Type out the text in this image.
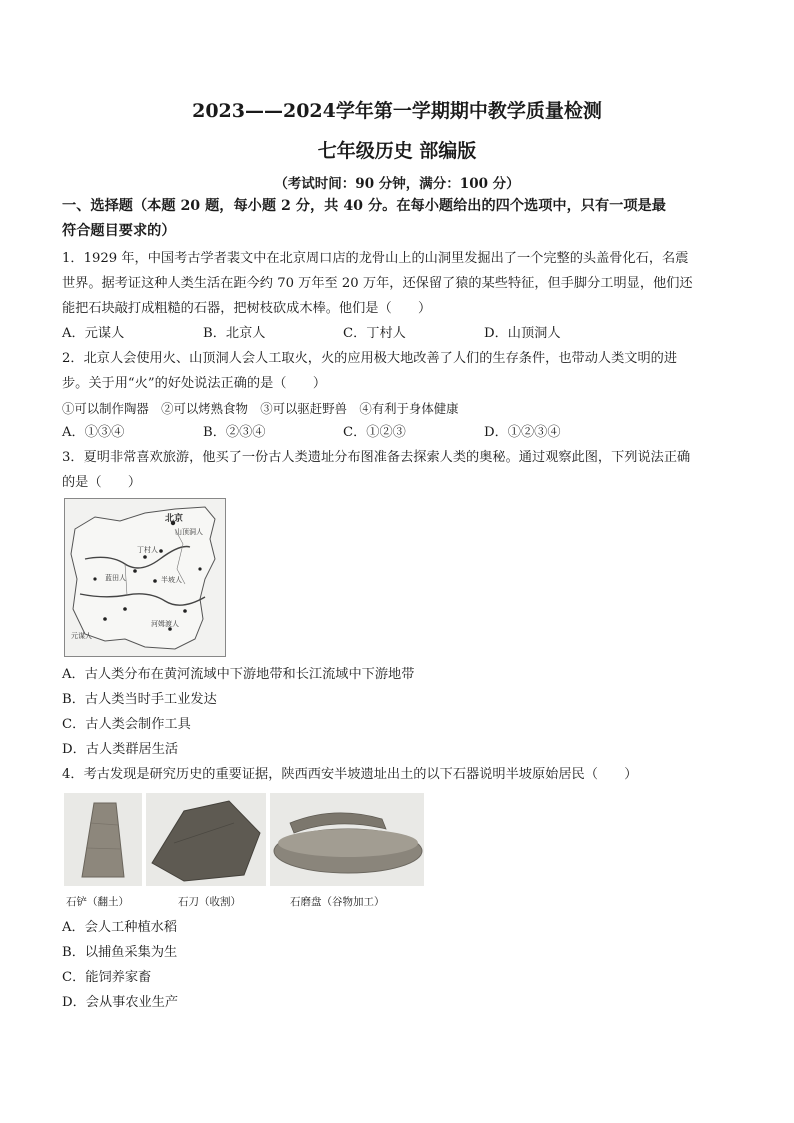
2023——2024学年第一学期期中教学质量检测
七年级历史 部编版
（考试时间：90 分钟，满分：100 分）
一、选择题（本题 20 题，每小题 2 分，共 40 分。在每小题给出的四个选项中，只有一项是最
符合题目要求的）
1．1929 年，中国考古学者裴文中在北京周口店的龙骨山上的山洞里发掘出了一个完整的头盖骨化石，名震
世界。据考证这种人类生活在距今约 70 万年至 20 万年，还保留了猿的某些特征，但手脚分工明显，他们还
能把石块敲打成粗糙的石器，把树枝砍成木棒。他们是（　　）
A．元谋人	B．北京人	C．丁村人	D．山顶洞人
2．北京人会使用火、山顶洞人会人工取火，火的应用极大地改善了人们的生存条件，也带动人类文明的进
步。关于用“火”的好处说法正确的是（　　）
①可以制作陶器　②可以烤熟食物　③可以驱赶野兽　④有利于身体健康
A．①③④	B．②③④	C．①②③	D．①②③④
3．夏明非常喜欢旅游，他买了一份古人类遗址分布图准备去探索人类的奥秘。通过观察此图，下列说法正确
的是（　　）
北京
丁村人
蓝田人
元谋人
山顶洞人
河姆渡人
半坡人
A．古人类分布在黄河流域中下游地带和长江流域中下游地带
B．古人类当时手工业发达
C．古人类会制作工具
D．古人类群居生活
4．考古发现是研究历史的重要证据，陕西西安半坡遗址出土的以下石器说明半坡原始居民（　　）
石铲（翻土）	石刀（收割）	石磨盘（谷物加工）
A．会人工种植水稻
B．以捕鱼采集为生
C．能饲养家畜
D．会从事农业生产
